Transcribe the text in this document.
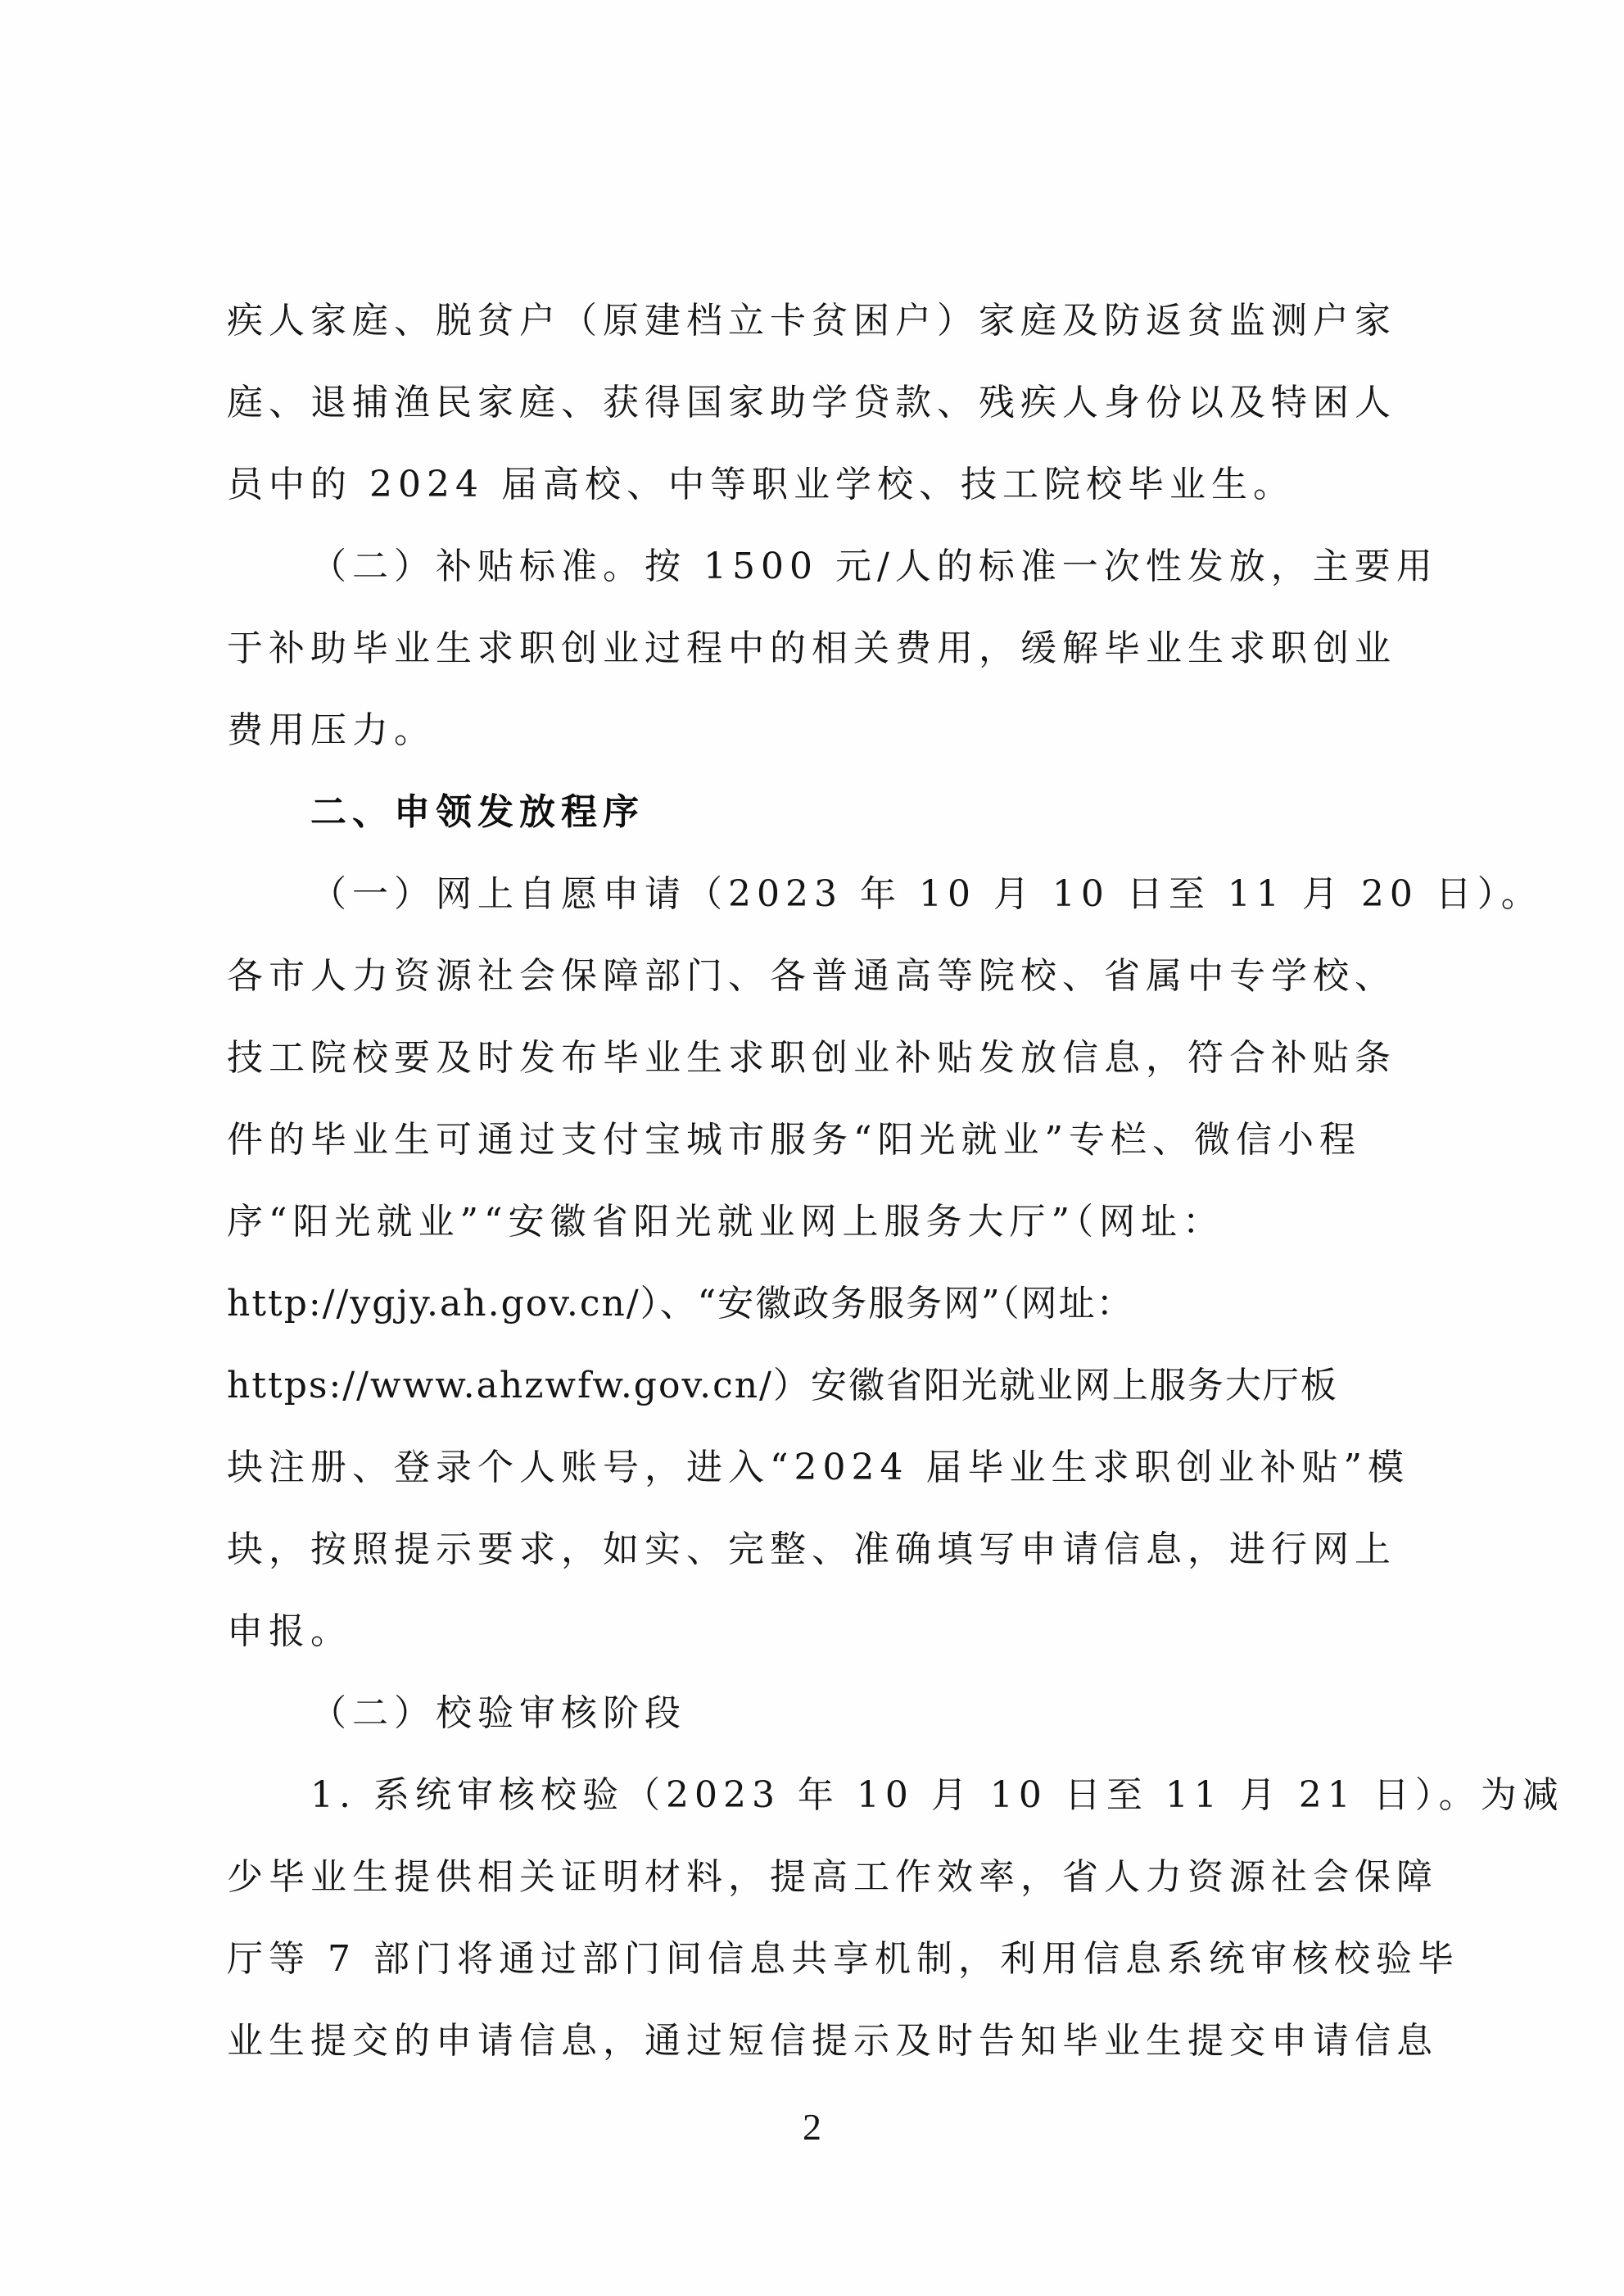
疾人家庭、脱贫户（原建档立卡贫困户）家庭及防返贫监测户家
庭、退捕渔民家庭、获得国家助学贷款、残疾人身份以及特困人
员中的 2024 届高校、中等职业学校、技工院校毕业生。
（二）补贴标准。按 1500 元/人的标准一次性发放，主要用
于补助毕业生求职创业过程中的相关费用，缓解毕业生求职创业
费用压力。
二、申领发放程序
（一）网上自愿申请（2023 年 10 月 10 日至 11 月 20 日）。
各市人力资源社会保障部门、各普通高等院校、省属中专学校、
技工院校要及时发布毕业生求职创业补贴发放信息，符合补贴条
件的毕业生可通过支付宝城市服务“阳光就业”专栏、微信小程
序“阳光就业”“安徽省阳光就业网上服务大厅”（网址：
http://ygjy.ah.gov.cn/）、“安徽政务服务网”（网址：
https://www.ahzwfw.gov.cn/）安徽省阳光就业网上服务大厅板
块注册、登录个人账号，进入“2024 届毕业生求职创业补贴”模
块，按照提示要求，如实、完整、准确填写申请信息，进行网上
申报。
（二）校验审核阶段
1. 系统审核校验（2023 年 10 月 10 日至 11 月 21 日）。为减
少毕业生提供相关证明材料，提高工作效率，省人力资源社会保障
厅等 7 部门将通过部门间信息共享机制，利用信息系统审核校验毕
业生提交的申请信息，通过短信提示及时告知毕业生提交申请信息
2
